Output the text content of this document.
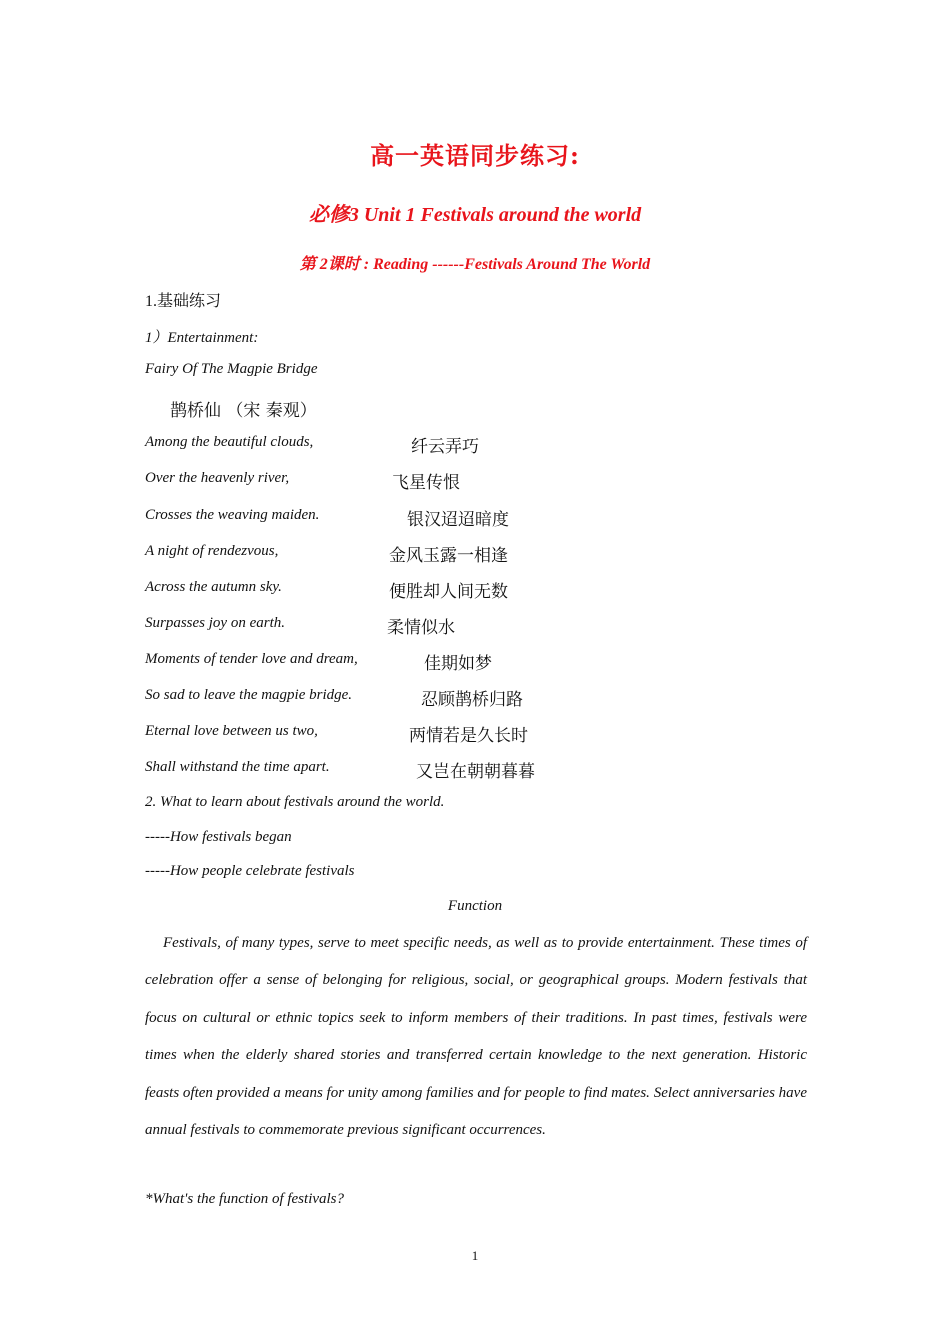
高一英语同步练习:
必修3 Unit 1 Festivals around the world
第 2课时 : Reading ------Festivals Around The World
1.基础练习
1）Entertainment:
Fairy Of The Magpie Bridge
鹊桥仙 （宋 秦观）
Among the beautiful clouds,	纤云弄巧
Over the heavenly river,	飞星传恨
Crosses the weaving maiden.	银汉迢迢暗度
A night of rendezvous,	金风玉露一相逢
Across the autumn sky.	便胜却人间无数
Surpasses joy on earth.	柔情似水
Moments of tender love and dream,	佳期如梦
So sad to leave the magpie bridge.	忍顾鹊桥归路
Eternal love between us two,	两情若是久长时
Shall withstand the time apart.	又岂在朝朝暮暮
2. What to learn about festivals around the world.
-----How festivals began
-----How people celebrate festivals
Function
Festivals, of many types, serve to meet specific needs, as well as to provide entertainment. These times of celebration offer a sense of belonging for religious, social, or geographical groups. Modern festivals that focus on cultural or ethnic topics seek to inform members of their traditions. In past times, festivals were times when the elderly shared stories and transferred certain knowledge to the next generation. Historic feasts often provided a means for unity among families and for people to find mates. Select anniversaries have annual festivals to commemorate previous significant occurrences.
*What's the function of festivals?
1
